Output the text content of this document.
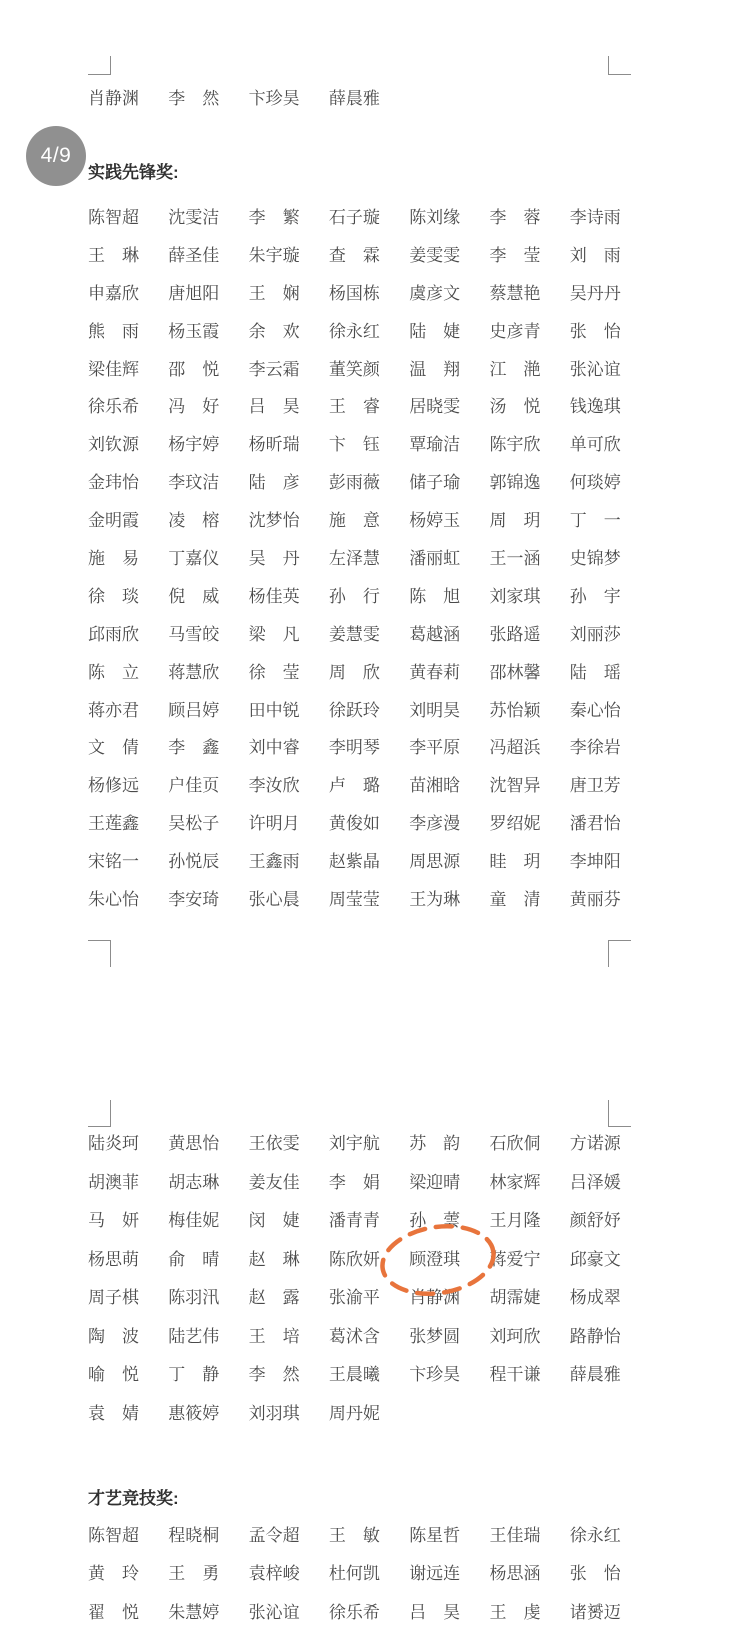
肖静渊 李　然 卞珍昊 薛晨雅
4/9
实践先锋奖:
陈智超 沈雯洁 李　繁 石子璇 陈刘缘 李　蓉 李诗雨
王　琳 薛圣佳 朱宇璇 查　霖 姜雯雯 李　莹 刘　雨
申嘉欣 唐旭阳 王　娴 杨国栋 虞彦文 蔡慧艳 吴丹丹
熊　雨 杨玉霞 余　欢 徐永红 陆　婕 史彦青 张　怡
梁佳辉 邵　悦 李云霜 董笑颜 温　翔 江　滟 张沁谊
徐乐希 冯　好 吕　昊 王　睿 居晓雯 汤　悦 钱逸琪
刘钦源 杨宇婷 杨昕瑞 卞　钰 覃瑜洁 陈宇欣 单可欣
金玮怡 李玟洁 陆　彦 彭雨薇 储子瑜 郭锦逸 何琰婷
金明霞 凌　榕 沈梦怡 施　意 杨婷玉 周　玥 丁　一
施　易 丁嘉仪 吴　丹 左泽慧 潘丽虹 王一涵 史锦梦
徐　琰 倪　威 杨佳英 孙　行 陈　旭 刘家琪 孙　宇
邱雨欣 马雪皎 梁　凡 姜慧雯 葛越涵 张路遥 刘丽莎
陈　立 蒋慧欣 徐　莹 周　欣 黄春莉 邵林馨 陆　瑶
蒋亦君 顾吕婷 田中锐 徐跃玲 刘明昊 苏怡颖 秦心怡
文　倩 李　鑫 刘中睿 李明琴 李平原 冯超浜 李徐岩
杨修远 户佳页 李汝欣 卢　璐 苗湘晗 沈智异 唐卫芳
王莲鑫 吴松子 许明月 黄俊如 李彦漫 罗绍妮 潘君怡
宋铭一 孙悦辰 王鑫雨 赵紫晶 周思源 眭　玥 李坤阳
朱心怡 李安琦 张心晨 周莹莹 王为琳 童　清 黄丽芬
陆炎珂 黄思怡 王依雯 刘宇航 苏　韵 石欣侗 方诺源
胡澳菲 胡志琳 姜友佳 李　娟 梁迎晴 林家辉 吕泽媛
马　妍 梅佳妮 闵　婕 潘青青 孙　蕓 王月隆 颜舒妤
杨思萌 俞　晴 赵　琳 陈欣妍 顾澄琪 蒋爱宁 邱豪文
周子棋 陈羽汛 赵　露 张渝平 肖静渊 胡霈婕 杨成翠
陶　波 陆艺伟 王　培 葛沭含 张梦圆 刘珂欣 路静怡
喻　悦 丁　静 李　然 王晨曦 卞珍昊 程干谦 薛晨雅
袁　婧 惠筱婷 刘羽琪 周丹妮
才艺竞技奖:
陈智超 程晓桐 孟令超 王　敏 陈星哲 王佳瑞 徐永红
黄　玲 王　勇 袁梓峻 杜何凯 谢远连 杨思涵 张　怡
翟　悦 朱慧婷 张沁谊 徐乐希 吕　昊 王　虔 诸赟迈
